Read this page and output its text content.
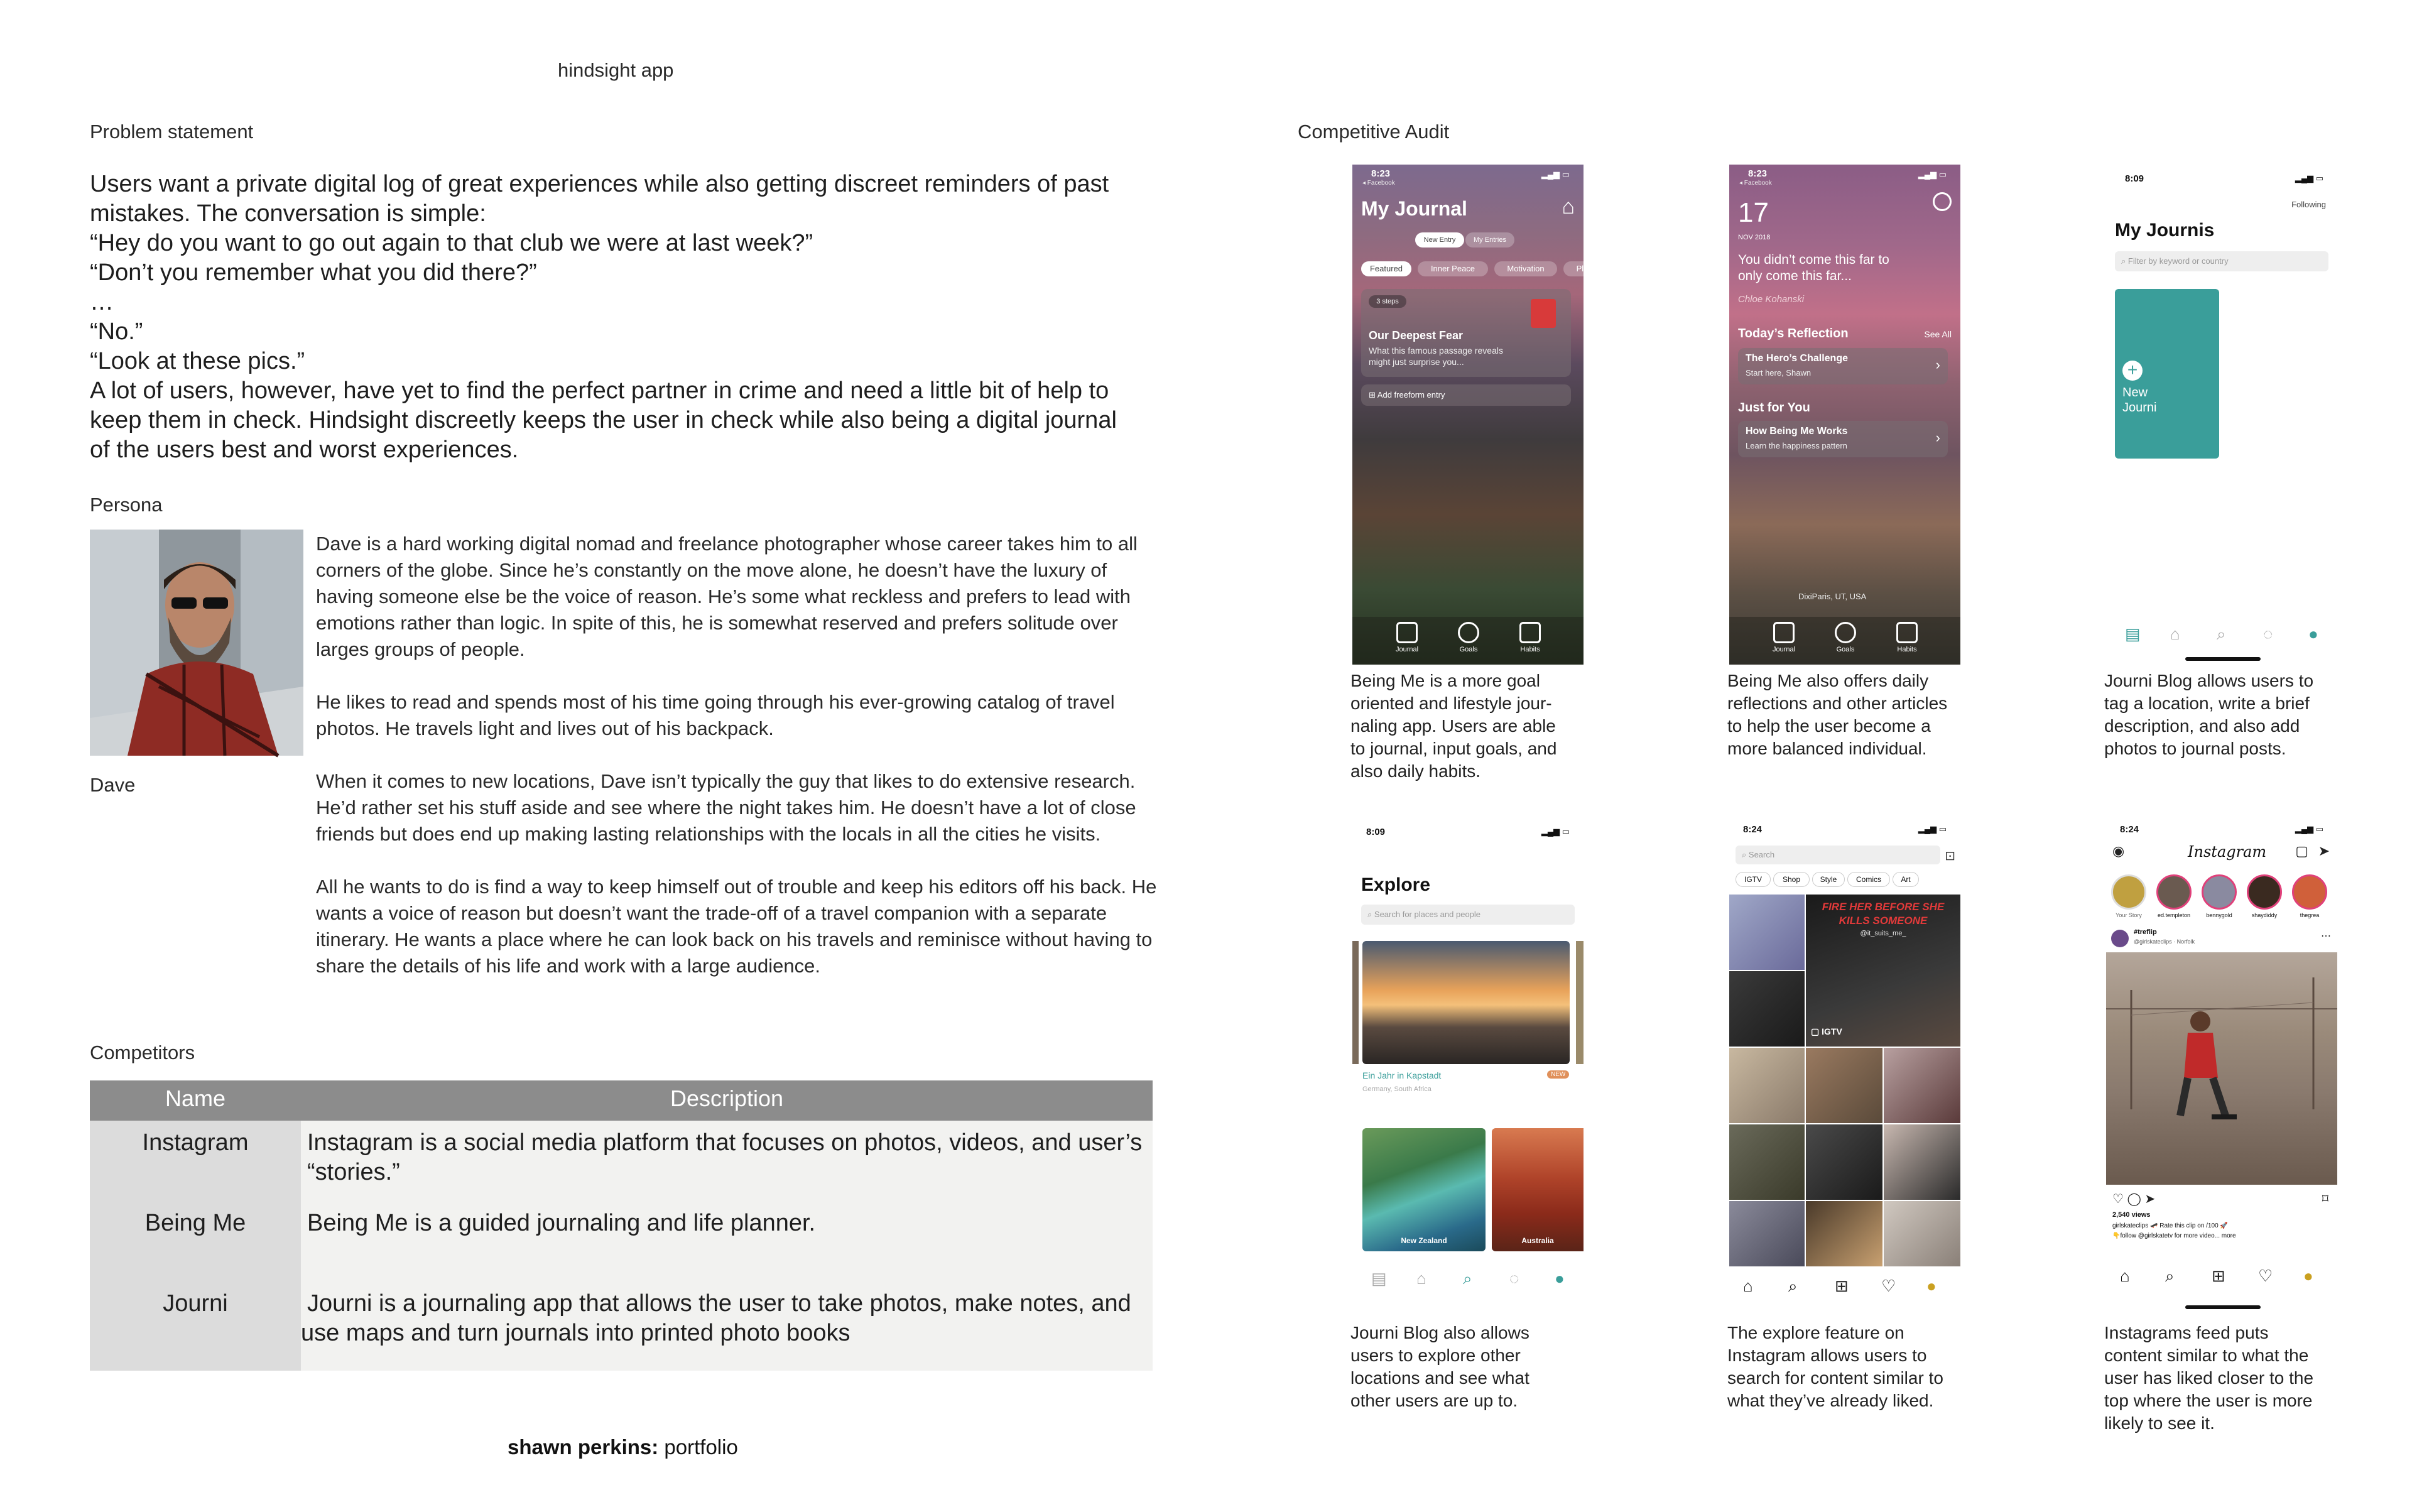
hindsight app
Problem statement
Users want a private digital log of great experiences while also getting discreet reminders of past
mistakes. The conversation is simple:
“Hey do you want to go out again to that club we were at last week?”
“Don’t you remember what you did there?”
…
“No.”
“Look at these pics.”
A lot of users, however, have yet to find the perfect partner in crime and need a little bit of help to
keep them in check. Hindsight discreetly keeps the user in check while also being a digital journal
of the users best and worst experiences.
Persona
Dave

Dave is a hard working digital nomad and freelance photographer whose career takes him to all corners of the globe. Since he’s constantly on the move alone, he doesn’t have the luxury of having someone else be the voice of reason. He’s some what reckless and prefers to lead with emotions rather than logic. In spite of this, he is somewhat reserved and prefers solitude over larges groups of people.

He likes to read and spends most of his time going through his ever-growing catalog of travel photos. He travels light and lives out of his backpack.

When it comes to new locations, Dave isn’t typically the guy that likes to do extensive research. He’d rather set his stuff aside and see where the night takes him. He doesn’t have a lot of close friends but does end up making lasting relationships with the locals in all the cities he visits.

All he wants to do is find a way to keep himself out of trouble and keep his editors off his back. He wants a voice of reason but doesn’t want the trade-off of a travel companion with a separate itinerary. He wants a place where he can look back on his travels and reminisce without having to share the details of his life and work with a large audience.

Competitors
Name	Description
Instagram	Instagram is a social media platform that focuses on photos, videos, and user’s
“stories.”
Being Me	Being Me is a guided journaling and life planner.
Journi	Journi is a journaling app that allows the user to take photos, make notes, and
use maps and turn journals into printed photo books
shawn perkins: portfolio
Competitive Audit
8:23
◂ Facebook
▂▄▆ ▭
My Journal	⌂
New Entry	My Entries
Featured	Inner Peace	Motivation	Pla
3 steps
Our Deepest Fear
What this famous passage reveals
might just surprise you...
⊞ Add freeform entry
Journal	Goals	Habits
Being Me is a more goal
oriented and lifestyle jour-
naling app. Users are able
to journal, input goals, and
also daily habits.
8:23
◂ Facebook
▂▄▆ ▭
17
NOV 2018
You didn’t come this far to
only come this far...
Chloe Kohanski
Today’s Reflection	See All
The Hero’s Challenge
Start here, Shawn
›
Just for You
How Being Me Works
Learn the happiness pattern
›
DixiParis, UT, USA
Journal	Goals	Habits
Being Me also offers daily
reflections and other articles
to help the user become a
more balanced individual.
8:09	▂▄▆ ▭
Following
My Journis
⌕ Filter by keyword or country
+
New
Journi
▤ ⌂ ⌕ ◌ ●
Journi Blog allows users to
tag a location, write a brief
description, and also add
photos to journal posts.
8:09	▂▄▆ ▭
Explore
⌕ Search for places and people
Ein Jahr in Kapstadt	NEW
Germany, South Africa
New Zealand	Australia
▤ ⌂ ⌕ ◌ ●
Journi Blog also allows
users to explore other
locations and see what
other users are up to.
8:24	▂▄▆ ▭
⌕ Search	⊡
IGTV	Shop	Style	Comics	Art
FIRE HER BEFORE SHE
KILLS SOMEONE
@it_suits_me_
▢ IGTV
⌂ ⌕ ⊞ ♡ ●
The explore feature on
Instagram allows users to
search for content similar to
what they’ve already liked.
8:24	▂▄▆ ▭
◉	Instagram ▢ ➤
Your Story	ed.templeton	bennygold	shaydiddy	thegrea
#treflip
@girlskateclips · Norfolk	⋯
♡ ◯ ➤	⌑
2,540 views
girlskateclips 🛹 Rate this clip on /100 🚀
👇follow @girlskatetv for more video... more
⌂ ⌕ ⊞ ♡ ●
Instagrams feed puts
content similar to what the
user has liked closer to the
top where the user is more
likely to see it.
